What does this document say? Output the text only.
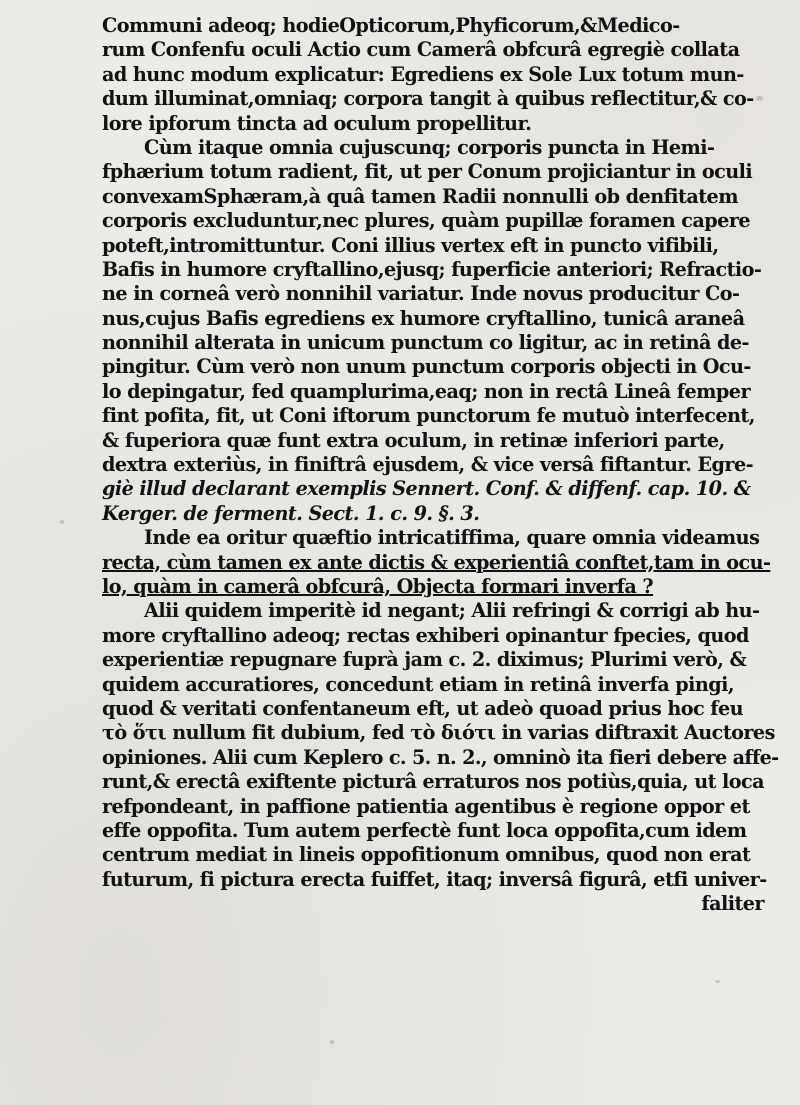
Communi adeoq; hodieOpticorum,Phyficorum,&Medico-
rum Confenfu oculi Actio cum Camerâ obfcurâ egregiè collata
ad hunc modum explicatur: Egrediens ex Sole Lux totum mun-
dum illuminat,omniaq; corpora tangit à quibus reflectitur,& co-
lore ipforum tincta ad oculum propellitur.
Cùm itaque omnia cujuscunq; corporis puncta in Hemi-
fphærium totum radient, fit, ut per Conum projiciantur in oculi
convexamSphæram,à quâ tamen Radii nonnulli ob denfitatem
corporis excluduntur,nec plures, quàm pupillæ foramen capere
poteft,intromittuntur. Coni illius vertex eft in puncto vifibili,
Bafis in humore cryftallino,ejusq; fuperficie anteriori; Refractio-
ne in corneâ verò nonnihil variatur. Inde novus producitur Co-
nus,cujus Bafis egrediens ex humore cryftallino, tunicâ araneâ
nonnihil alterata in unicum punctum co ligitur, ac in retinâ de-
pingitur. Cùm verò non unum punctum corporis objecti in Ocu-
lo depingatur, fed quamplurima,eaq; non in rectâ Lineâ femper
fint pofita, fit, ut Coni iftorum punctorum fe mutuò interfecent,
& fuperiora quæ funt extra oculum, in retinæ inferiori parte,
dextra exteriùs, in finiftrâ ejusdem, & vice versâ fiftantur. Egre-
giè illud declarant exemplis Sennert. Conf. & diffenf. cap. 10. &
Kerger. de ferment. Sect. 1. c. 9. §. 3.
Inde ea oritur quæftio intricatiffima, quare omnia videamus
recta, cùm tamen ex ante dictis & experientiâ conftet,tam in ocu-
lo, quàm in camerâ obfcurâ, Objecta formari inverfa ?
Alii quidem imperitè id negant; Alii refringi & corrigi ab hu-
more cryftallino adeoq; rectas exhiberi opinantur fpecies, quod
experientiæ repugnare fuprà jam c. 2. diximus; Plurimi verò, &
quidem accuratiores, concedunt etiam in retinâ inverfa pingi,
quod & veritati confentaneum eft, ut adeò quoad prius hoc feu
τὸ ὅτι nullum fit dubium, fed τὸ διότι in varias diftraxit Auctores
opiniones. Alii cum Keplero c. 5. n. 2., omninò ita fieri debere affe-
runt,& erectâ exiftente picturâ erraturos nos potiùs,quia, ut loca
refpondeant, in paffione patientia agentibus è regione oppor et
effe oppofita. Tum autem perfectè funt loca oppofita,cum idem
centrum mediat in lineis oppofitionum omnibus, quod non erat
futurum, fi pictura erecta fuiffet, itaq; inversâ figurâ, etfi univer-
faliter
